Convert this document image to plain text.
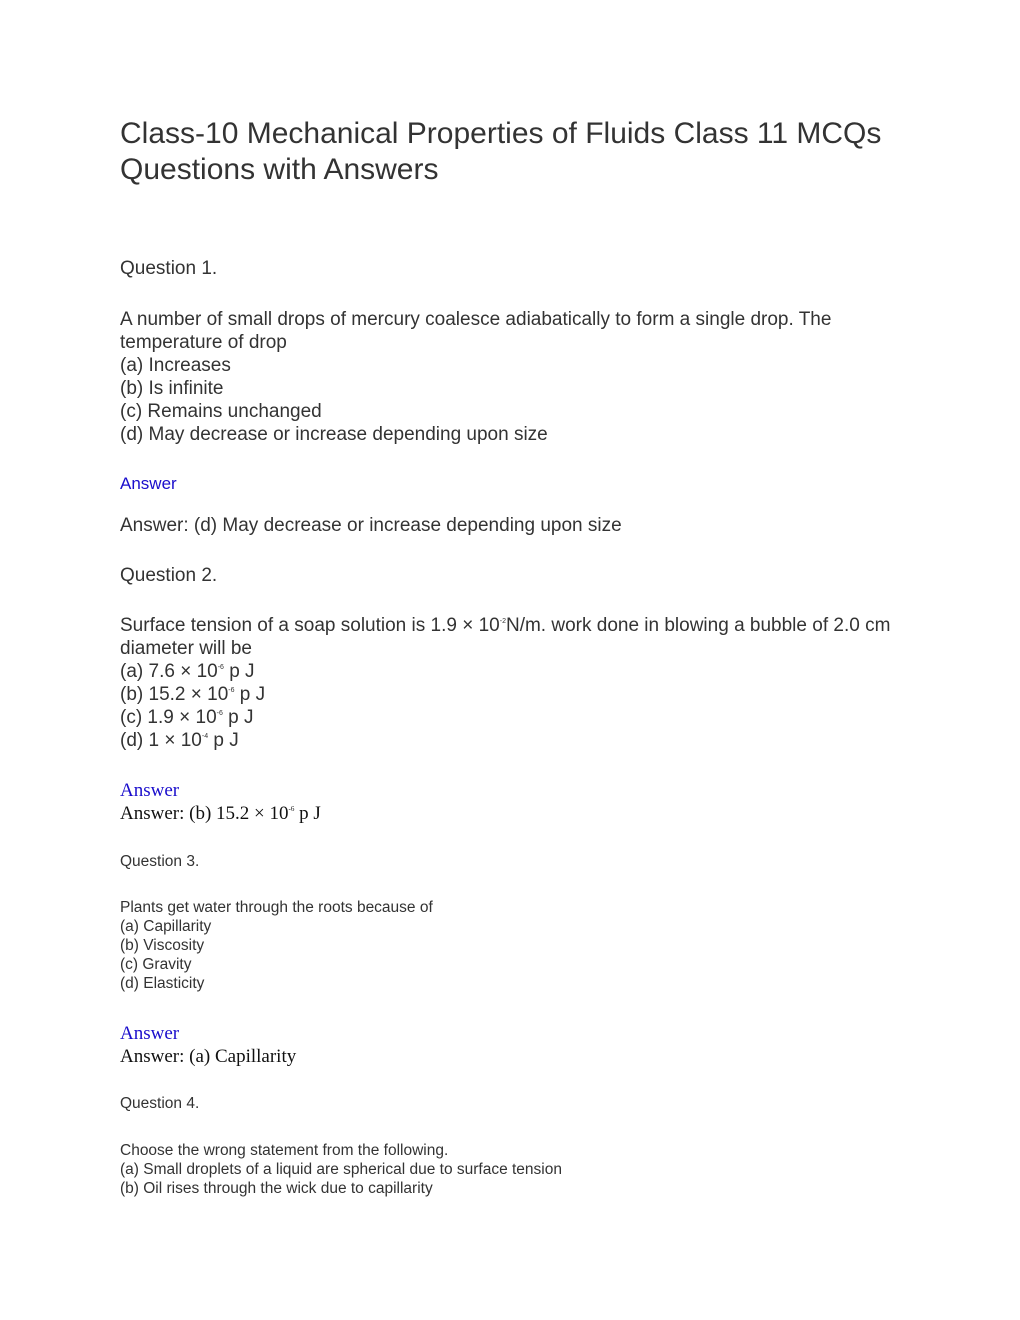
Class-10 Mechanical Properties of Fluids Class 11 MCQs Questions with Answers

Question 1.

A number of small drops of mercury coalesce adiabatically to form a single drop. The temperature of drop
(a) Increases
(b) Is infinite
(c) Remains unchanged
(d) May decrease or increase depending upon size

Answer

Answer: (d) May decrease or increase depending upon size

Question 2.

Surface tension of a soap solution is $1.9 \times 10^{-2}N/m$. work done in blowing a bubble of 2.0 cm diameter will be
(a) $7.6 \times 10^{-6}$ p J
(b) $15.2 \times 10^{-6}$ p J
(c) $1.9 \times 10^{-6}$ p J
(d) $1 \times 10^{-4}$ p J

Answer

Answer: (b) $15.2 \times 10^{-6}$ p J

Question 3.

Plants get water through the roots because of
(a) Capillarity
(b) Viscosity
(c) Gravity
(d) Elasticity

Answer

Answer: (a) Capillarity

Question 4.

Choose the wrong statement from the following.
(a) Small droplets of a liquid are spherical due to surface tension
(b) Oil rises through the wick due to capillarity
